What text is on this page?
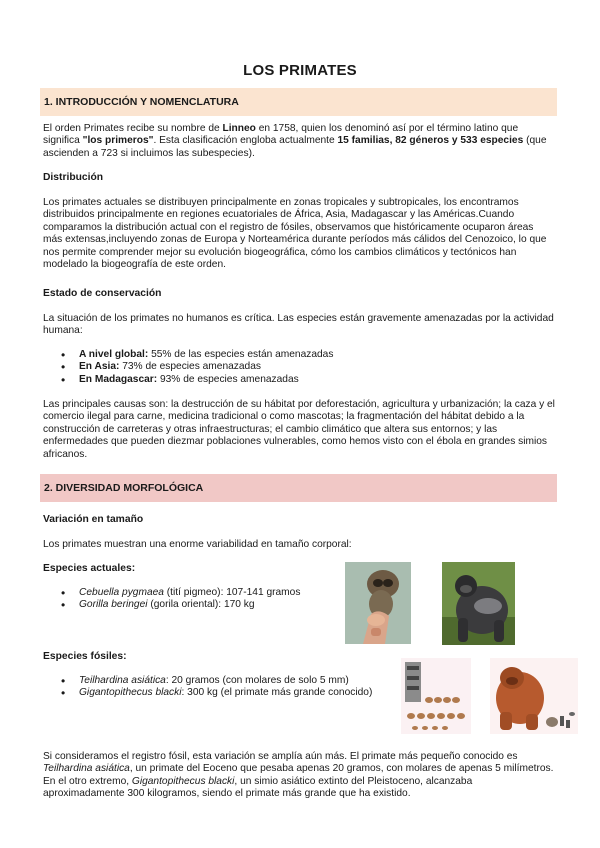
LOS PRIMATES
1. INTRODUCCIÓN Y NOMENCLATURA
El orden Primates recibe su nombre de Linneo en 1758, quien los denominó así por el término latino que significa "los primeros". Esta clasificación engloba actualmente 15 familias, 82 géneros y 533 especies (que ascienden a 723 si incluimos las subespecies).
Distribución
Los primates actuales se distribuyen principalmente en zonas tropicales y subtropicales, los encontramos distribuidos principalmente en regiones ecuatoriales de África, Asia, Madagascar y las Américas.Cuando comparamos la distribución actual con el registro de fósiles, observamos que históricamente ocuparon áreas más extensas,incluyendo zonas de Europa y Norteamérica durante períodos más cálidos del Cenozoico, lo que nos permite comprender mejor su evolución biogeográfica, cómo los cambios climáticos y tectónicos han modelado la biogeografía de este orden.
Estado de conservación
La situación de los primates no humanos es crítica. Las especies están gravemente amenazadas por la actividad humana:
• A nivel global: 55% de las especies están amenazadas
• En Asia: 73% de especies amenazadas
• En Madagascar: 93% de especies amenazadas
Las principales causas son: la destrucción de su hábitat por deforestación, agricultura y urbanización; la caza y el comercio ilegal para carne, medicina tradicional o como mascotas; la fragmentación del hábitat debido a la construcción de carreteras y otras infraestructuras; el cambio climático que altera sus entornos; y las enfermedades que pueden diezmar poblaciones vulnerables, como hemos visto con el ébola en grandes simios africanos.
2. DIVERSIDAD MORFOLÓGICA
Variación en tamaño
Los primates muestran una enorme variabilidad en tamaño corporal:
Especies actuales:
• Cebuella pygmaea (tití pigmeo): 107-141 gramos
• Gorilla beringei (gorila oriental): 170 kg
Especies fósiles:
• Teilhardina asiática: 20 gramos (con molares de solo 5 mm)
• Gigantopithecus blacki: 300 kg (el primate más grande conocido)
Si consideramos el registro fósil, esta variación se amplía aún más. El primate más pequeño conocido es Teilhardina asiática, un primate del Eoceno que pesaba apenas 20 gramos, con molares de apenas 5 milímetros. En el otro extremo, Gigantopithecus blacki, un simio asiático extinto del Pleistoceno, alcanzaba aproximadamente 300 kilogramos, siendo el primate más grande que ha existido.
